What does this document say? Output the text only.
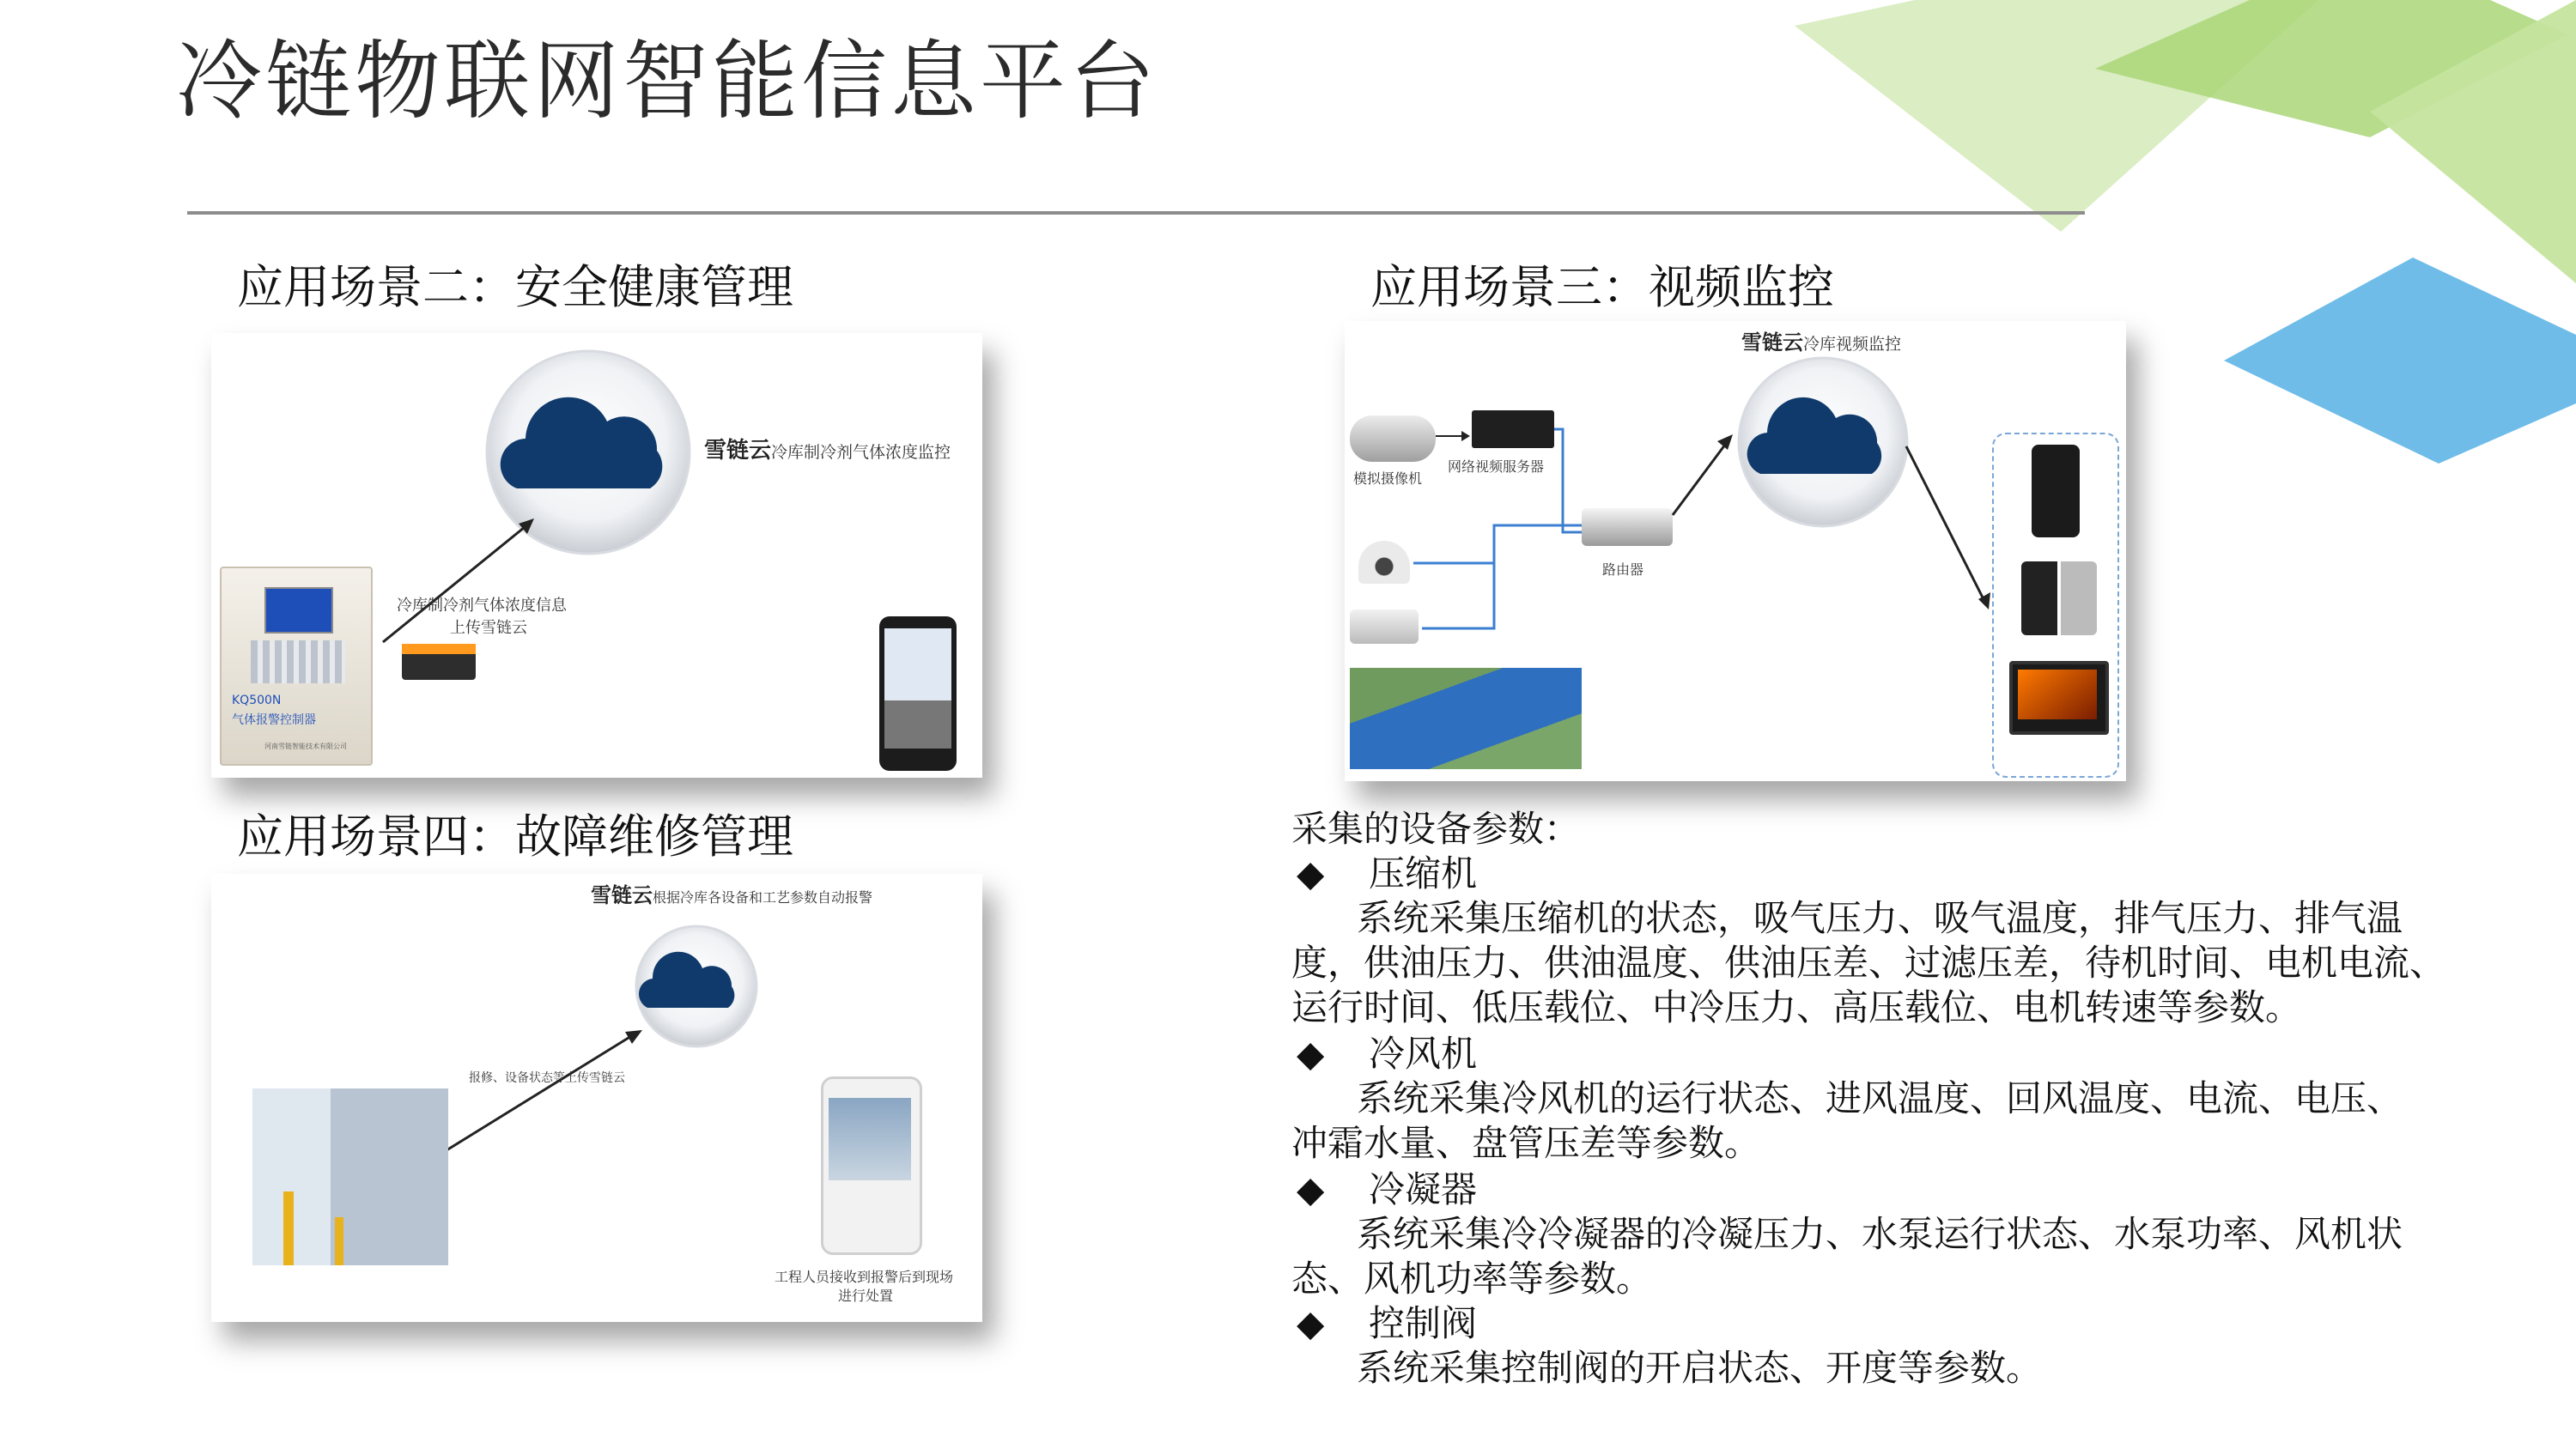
冷链物联网智能信息平台
应用场景二：安全健康管理
雪链云冷库制冷剂气体浓度监控
冷库制冷剂气体浓度信息
上传雪链云
KQ500N
气体报警控制器
河南雪链智能技术有限公司
应用场景三：视频监控
雪链云冷库视频监控
模拟摄像机
网络视频服务器
路由器
应用场景四：故障维修管理
雪链云根据冷库各设备和工艺参数自动报警
报修、设备状态等上传雪链云
工程人员接收到报警后到现场
进行处置
采集的设备参数：
◆ 压缩机
系统采集压缩机的状态，吸气压力、吸气温度，排气压力、排气温
度，供油压力、供油温度、供油压差、过滤压差，待机时间、电机电流、
运行时间、低压载位、中冷压力、高压载位、电机转速等参数。
◆ 冷风机
系统采集冷风机的运行状态、进风温度、回风温度、电流、电压、
冲霜水量、盘管压差等参数。
◆ 冷凝器
系统采集冷冷凝器的冷凝压力、水泵运行状态、水泵功率、风机状
态、风机功率等参数。
◆ 控制阀
系统采集控制阀的开启状态、开度等参数。
